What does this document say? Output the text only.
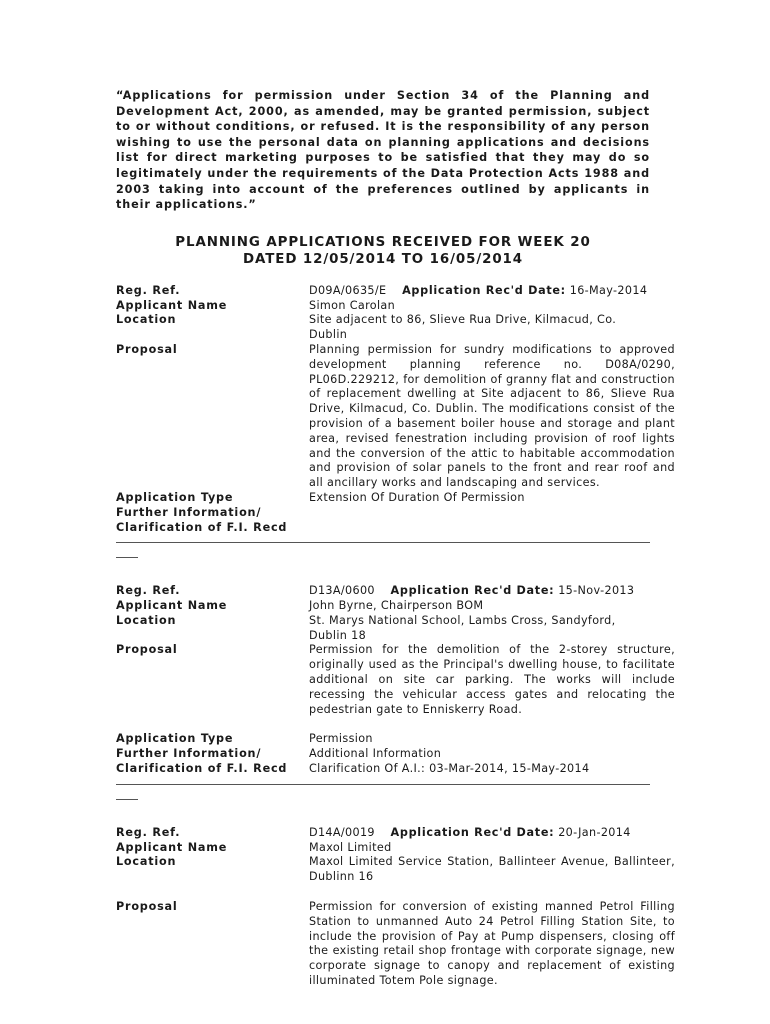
“Applications for permission under Section 34 of the Planning and Development Act, 2000, as amended, may be granted permission, subject to or without conditions, or refused. It is the responsibility of any person wishing to use the personal data on planning applications and decisions list for direct marketing purposes to be satisfied that they may do so legitimately under the requirements of the Data Protection Acts 1988 and 2003 taking into account of the preferences outlined by applicants in their applications.”

PLANNING APPLICATIONS RECEIVED FOR WEEK 20
DATED 12/05/2014 TO 16/05/2014
Reg. Ref.	D09A/0635/E Application Rec'd Date: 16-May-2014
Applicant Name	Simon Carolan
Location	Site adjacent to 86, Slieve Rua Drive, Kilmacud, Co. Dublin
Proposal	Planning permission for sundry modifications to approved development planning reference no. D08A/0290, PL06D.229212, for demolition of granny flat and construction of replacement dwelling at Site adjacent to 86, Slieve Rua Drive, Kilmacud, Co. Dublin. The modifications consist of the provision of a basement boiler house and storage and plant area, revised fenestration including provision of roof lights and the conversion of the attic to habitable accommodation and provision of solar panels to the front and rear roof and all ancillary works and landscaping and services.
Application Type	Extension Of Duration Of Permission
Further Information/
Clarification of F.I. Recd
Reg. Ref.	D13A/0600 Application Rec'd Date: 15-Nov-2013
Applicant Name	John Byrne, Chairperson BOM
Location	St. Marys National School, Lambs Cross, Sandyford, Dublin 18
Proposal	Permission for the demolition of the 2-storey structure, originally used as the Principal's dwelling house, to facilitate additional on site car parking. The works will include recessing the vehicular access gates and relocating the pedestrian gate to Enniskerry Road.
Application Type	Permission
Further Information/	Additional Information
Clarification of F.I. Recd	Clarification Of A.I.: 03-Mar-2014, 15-May-2014
Reg. Ref.	D14A/0019 Application Rec'd Date: 20-Jan-2014
Applicant Name	Maxol Limited
Location	Maxol Limited Service Station, Ballinteer Avenue, Ballinteer, Dublinn 16
Proposal	Permission for conversion of existing manned Petrol Filling Station to unmanned Auto 24 Petrol Filling Station Site, to include the provision of Pay at Pump dispensers, closing off the existing retail shop frontage with corporate signage, new corporate signage to canopy and replacement of existing illuminated Totem Pole signage.
